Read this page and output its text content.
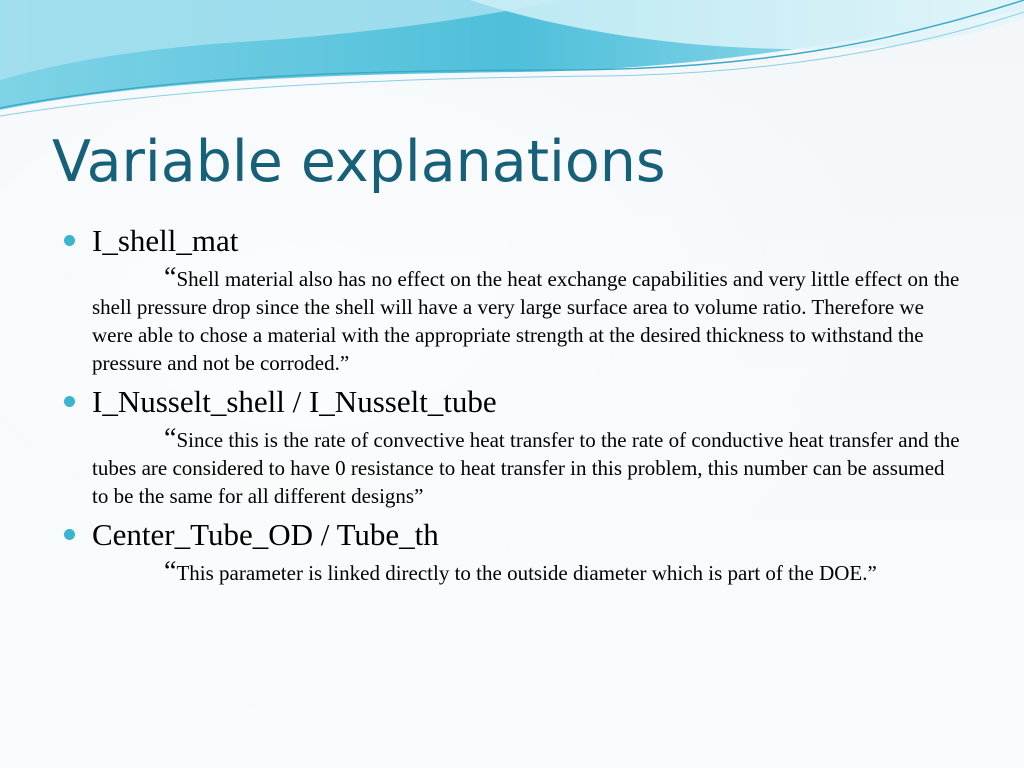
Variable explanations
I_shell_mat
“Shell material also has no effect on the heat exchange capabilities and very little effect on the shell pressure drop since the shell will have a very large surface area to volume ratio. Therefore we were able to chose a material with the appropriate strength at the desired thickness to withstand the pressure and not be corroded.”
I_Nusselt_shell / I_Nusselt_tube
“Since this is the rate of convective heat transfer to the rate of conductive heat transfer and the tubes are considered to have 0 resistance to heat transfer in this problem, this number can be assumed to be the same for all different designs”
Center_Tube_OD / Tube_th
“This parameter is linked directly to the outside diameter which is part of the DOE.”
